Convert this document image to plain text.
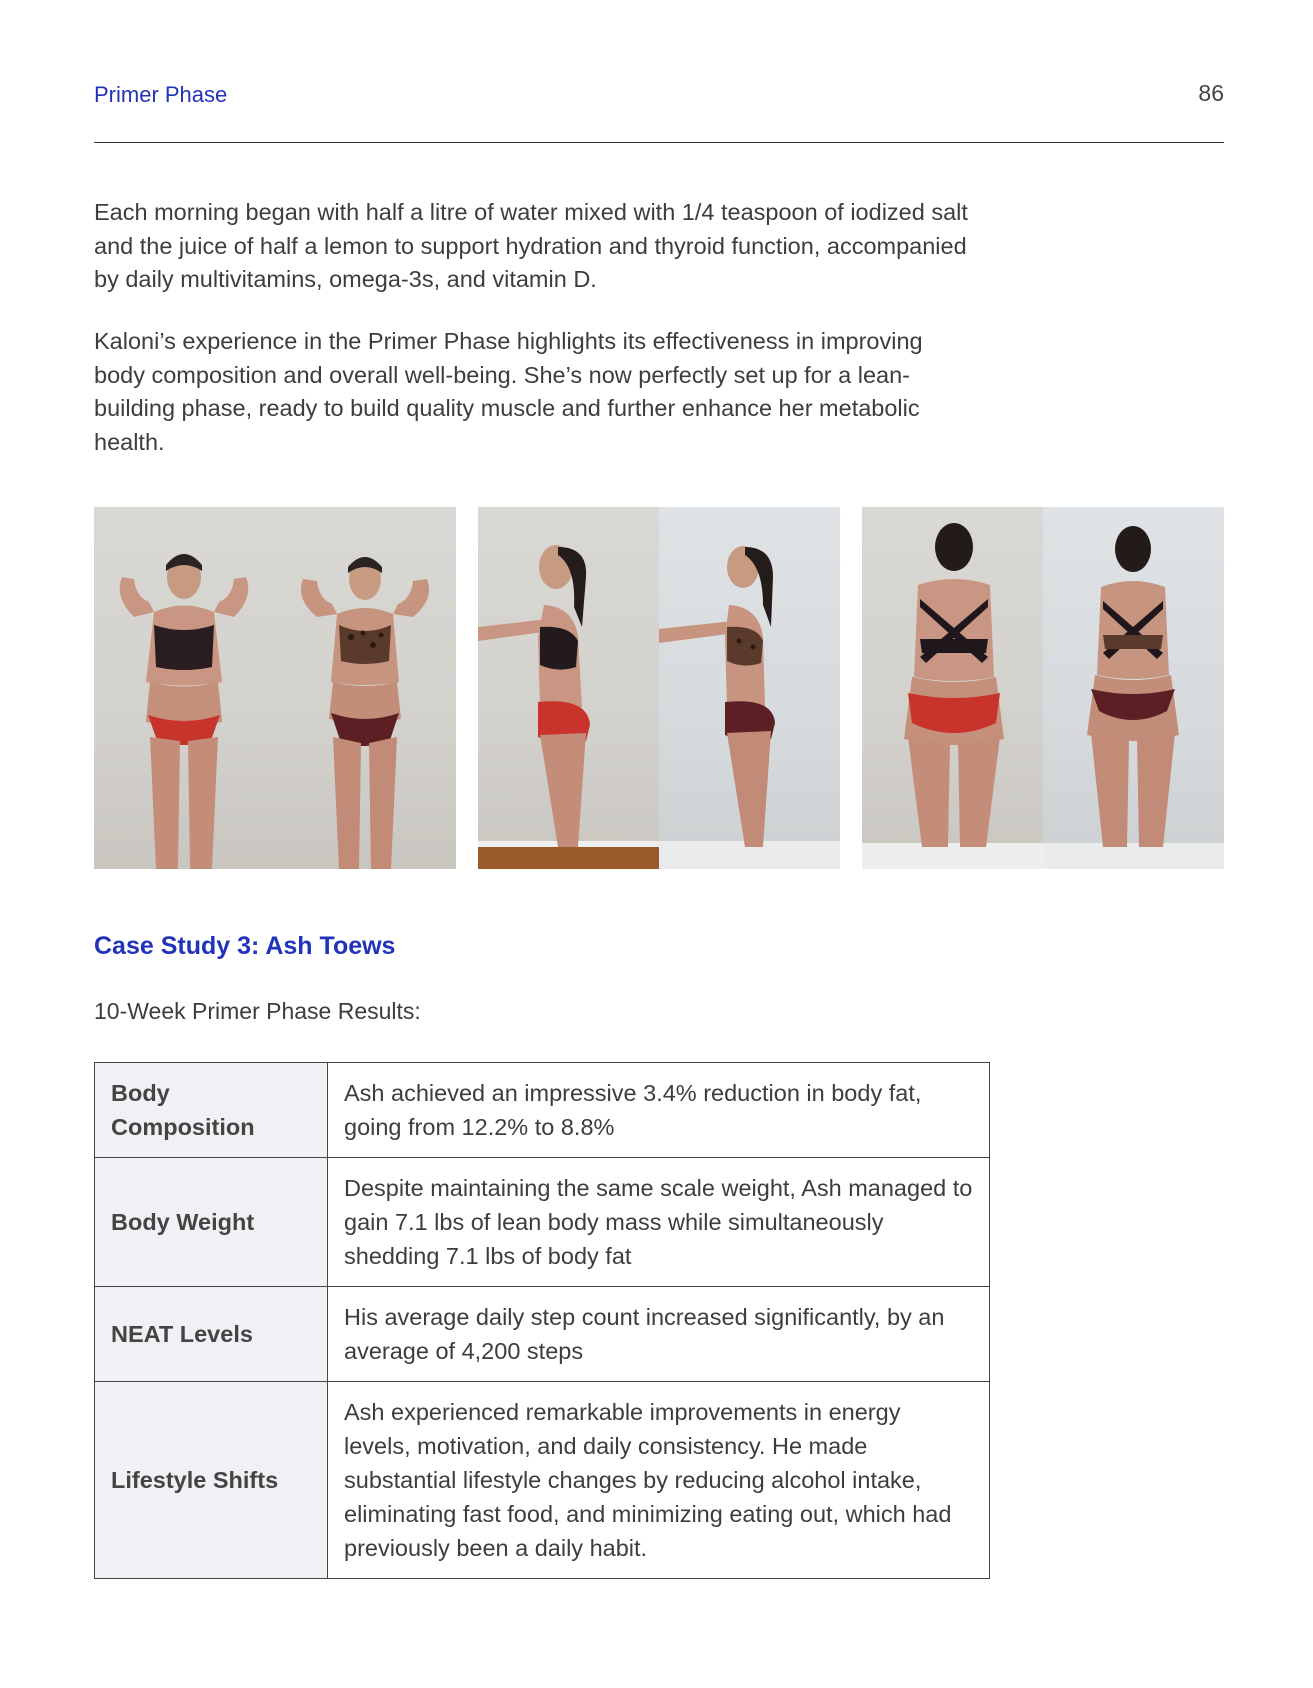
Primer Phase	86

Each morning began with half a litre of water mixed with 1/4 teaspoon of iodized salt and the juice of half a lemon to support hydration and thyroid function, accompanied by daily multivitamins, omega-3s, and vitamin D.

Kaloni’s experience in the Primer Phase highlights its effectiveness in improving body composition and overall well-being. She’s now perfectly set up for a lean-building phase, ready to build quality muscle and further enhance her metabolic health.

Case Study 3: Ash Toews
10-Week Primer Phase Results:
Body Composition	Ash achieved an impressive 3.4% reduction in body fat, going from 12.2% to 8.8%
Body Weight	Despite maintaining the same scale weight, Ash managed to gain 7.1 lbs of lean body mass while simultaneously shedding 7.1 lbs of body fat
NEAT Levels	His average daily step count increased significantly, by an average of 4,200 steps
Lifestyle Shifts	Ash experienced remarkable improvements in energy levels, motivation, and daily consistency. He made substantial lifestyle changes by reducing alcohol intake, eliminating fast food, and minimizing eating out, which had previously been a daily habit.
